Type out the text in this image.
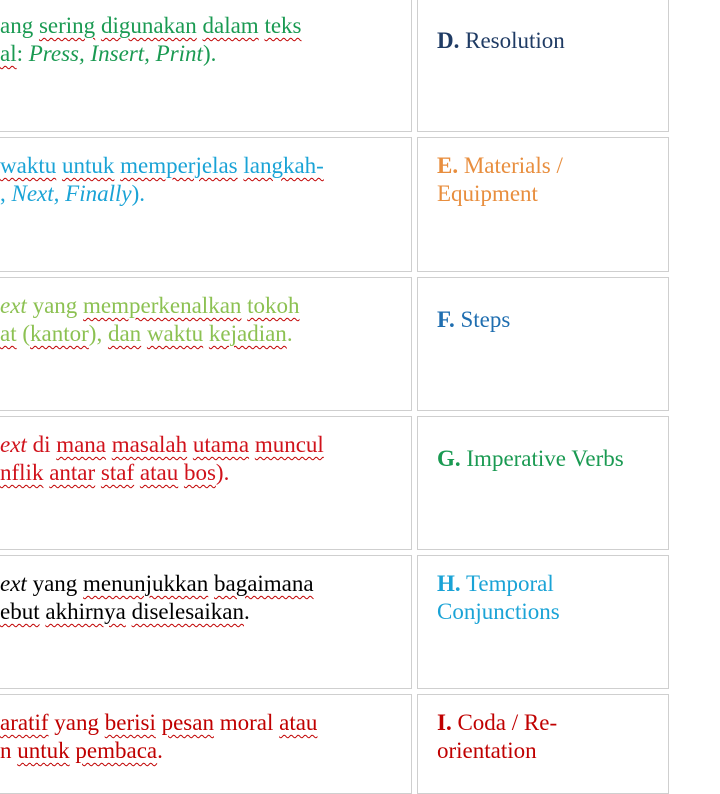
ang sering digunakan dalam teks
al: Press, Insert, Print).
waktu untuk memperjelas langkah-
, Next, Finally).
ext yang memperkenalkan tokoh
at (kantor), dan waktu kejadian.
ext di mana masalah utama muncul
nflik antar staf atau bos).
ext yang menunjukkan bagaimana
ebut akhirnya diselesaikan.
aratif yang berisi pesan moral atau
n untuk pembaca.
D. Resolution
E. Materials /
Equipment
F. Steps
G. Imperative Verbs
H. Temporal
Conjunctions
I. Coda / Re-
orientation
